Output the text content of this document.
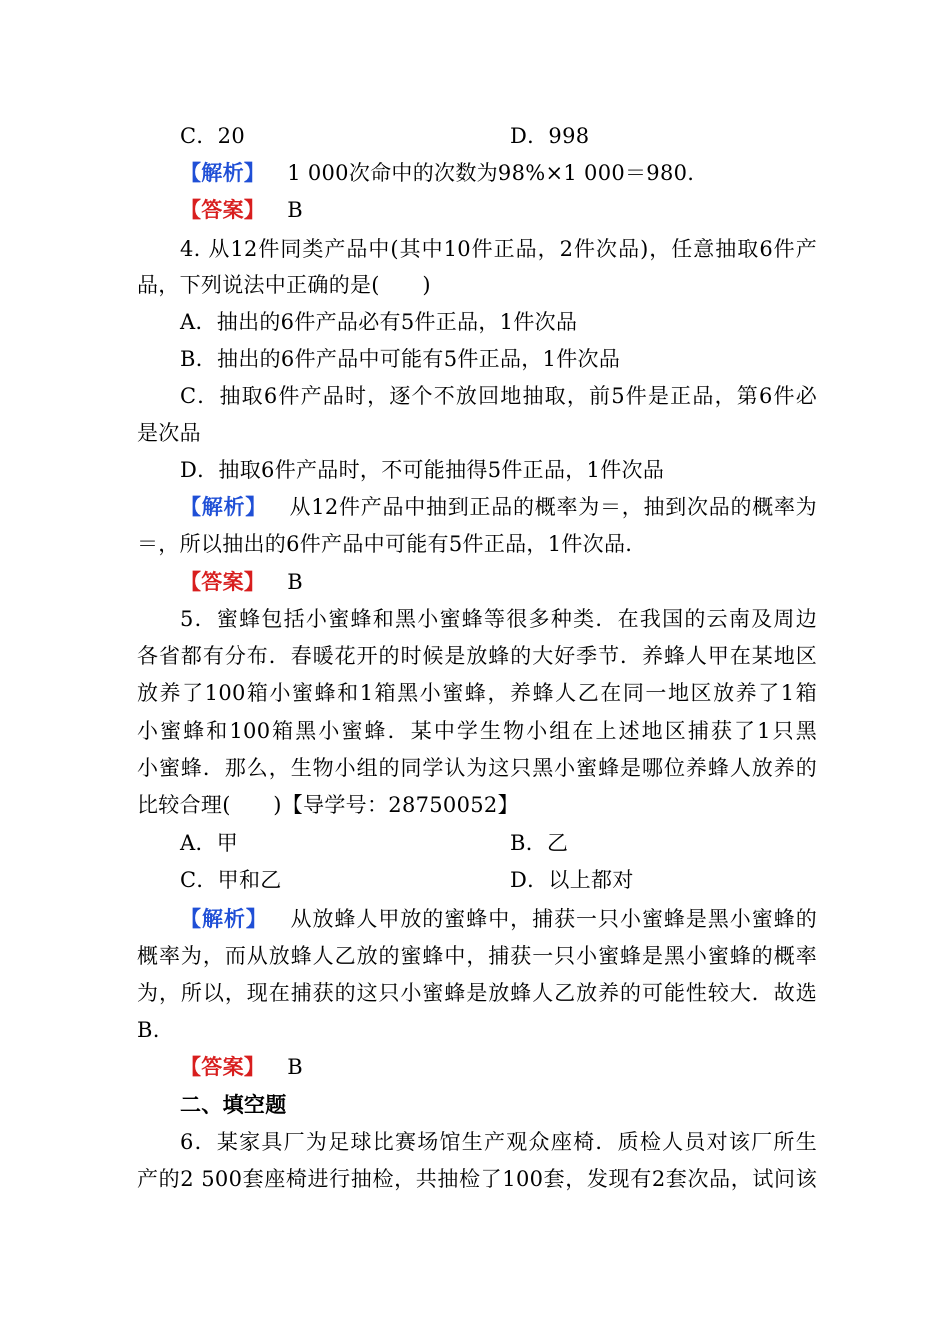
C．20	D．998
【解析】 1 000次命中的次数为98%×1 000＝980.
【答案】 B
4. 从12件同类产品中(其中10件正品，2件次品)，任意抽取6件产
品，下列说法中正确的是(　　)
A．抽出的6件产品必有5件正品，1件次品
B．抽出的6件产品中可能有5件正品，1件次品
C．抽取6件产品时，逐个不放回地抽取，前5件是正品，第6件必
是次品
D．抽取6件产品时，不可能抽得5件正品，1件次品
【解析】 从12件产品中抽到正品的概率为＝，抽到次品的概率为
＝，所以抽出的6件产品中可能有5件正品，1件次品.
【答案】 B
5．蜜蜂包括小蜜蜂和黑小蜜蜂等很多种类．在我国的云南及周边
各省都有分布．春暖花开的时候是放蜂的大好季节．养蜂人甲在某地区
放养了100箱小蜜蜂和1箱黑小蜜蜂，养蜂人乙在同一地区放养了1箱
小蜜蜂和100箱黑小蜜蜂．某中学生物小组在上述地区捕获了1只黑
小蜜蜂．那么，生物小组的同学认为这只黑小蜜蜂是哪位养蜂人放养的
比较合理(　　)【导学号：28750052】
A．甲	B．乙
C．甲和乙	D．以上都对
【解析】 从放蜂人甲放的蜜蜂中，捕获一只小蜜蜂是黑小蜜蜂的
概率为，而从放蜂人乙放的蜜蜂中，捕获一只小蜜蜂是黑小蜜蜂的概率
为，所以，现在捕获的这只小蜜蜂是放蜂人乙放养的可能性较大．故选
B.
【答案】 B
二、填空题
6．某家具厂为足球比赛场馆生产观众座椅．质检人员对该厂所生
产的2 500套座椅进行抽检，共抽检了100套，发现有2套次品，试问该
